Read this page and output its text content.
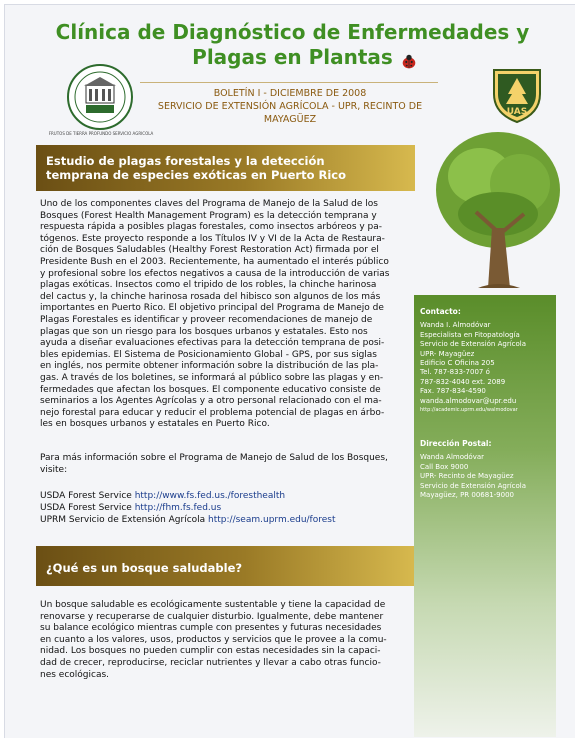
Clínica de Diagnóstico de Enfermedades y
Plagas en Plantas
FRUTOS DE TIERRA PROFUNDO SERVICIO AGRICOLA
BOLETÍN I - DICIEMBRE DE 2008
SERVICIO DE EXTENSIÓN AGRÍCOLA - UPR, RECINTO DE MAYAGÜEZ
UAS
Estudio de plagas forestales y la detección
temprana de especies exóticas en Puerto Rico
Uno de los componentes claves del Programa de Manejo de la Salud de los
Bosques (Forest Health Management Program) es la detección temprana y
respuesta rápida a posibles plagas forestales, como insectos arbóreos y pa-
tógenos. Este proyecto responde a los Títulos IV y VI de la Acta de Restaura-
ción de Bosques Saludables (Healthy Forest Restoration Act) firmada por el
Presidente Bush en el 2003. Recientemente, ha aumentado el interés público
y profesional sobre los efectos negativos a causa de la introducción de varias
plagas exóticas. Insectos como el tripido de los robles, la chinche harinosa
del cactus y, la chinche harinosa rosada del hibisco son algunos de los más
importantes en Puerto Rico. El objetivo principal del Programa de Manejo de
Plagas Forestales es identificar y proveer recomendaciones de manejo de
plagas que son un riesgo para los bosques urbanos y estatales. Esto nos
ayuda a diseñar evaluaciones efectivas para la detección temprana de posi-
bles epidemias. El Sistema de Posicionamiento Global - GPS, por sus siglas
en inglés, nos permite obtener información sobre la distribución de las pla-
gas. A través de los boletines, se informará al público sobre las plagas y en-
fermedades que afectan los bosques. El componente educativo consiste de
seminarios a los Agentes Agrícolas y a otro personal relacionado con el ma-
nejo forestal para educar y reducir el problema potencial de plagas en árbo-
les en bosques urbanos y estatales en Puerto Rico.
Para más información sobre el Programa de Manejo de Salud de los Bosques,
visite:
USDA Forest Service http://www.fs.fed.us./foresthealth
USDA Forest Service http://fhm.fs.fed.us
UPRM Servicio de Extensión Agrícola http://seam.uprm.edu/forest
¿Qué es un bosque saludable?
Un bosque saludable es ecológicamente sustentable y tiene la capacidad de
renovarse y recuperarse de cualquier disturbio. Igualmente, debe mantener
su balance ecológico mientras cumple con presentes y futuras necesidades
en cuanto a los valores, usos, productos y servicios que le provee a la comu-
nidad. Los bosques no pueden cumplir con estas necesidades sin la capaci-
dad de crecer, reproducirse, reciclar nutrientes y llevar a cabo otras funcio-
nes ecológicas.
Contacto:
Wanda I. Almodóvar
Especialista en Fitopatología
Servicio de Extensión Agrícola
UPR- Mayagüez
Edificio C Oficina 205
Tel. 787-833-7007 ó
787-832-4040 ext. 2089
Fax. 787-834-4590
wanda.almodovar@upr.edu
http://academic.uprm.edu/walmodovar
Dirección Postal:
Wanda Almodóvar
Call Box 9000
UPR- Recinto de Mayagüez
Servicio de Extensión Agrícola
Mayagüez, PR 00681-9000
